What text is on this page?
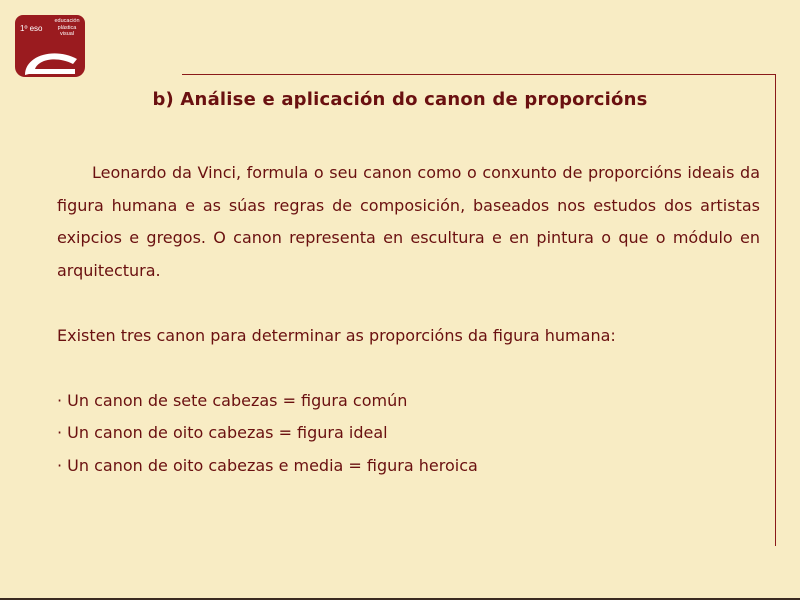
1º eso
educación
plástica
visual
b) Análise e aplicación do canon de proporcións

Leonardo da Vinci, formula o seu canon como o conxunto de proporcións ideais da figura humana e as súas regras de composición, baseados nos estudos dos artistas exipcios e gregos. O canon representa en escultura e en pintura o que o módulo en arquitectura.

Existen tres canon para determinar as proporcións da figura humana:

· Un canon de sete cabezas = figura común

· Un canon de oito cabezas = figura ideal

· Un canon de oito cabezas e media = figura heroica
